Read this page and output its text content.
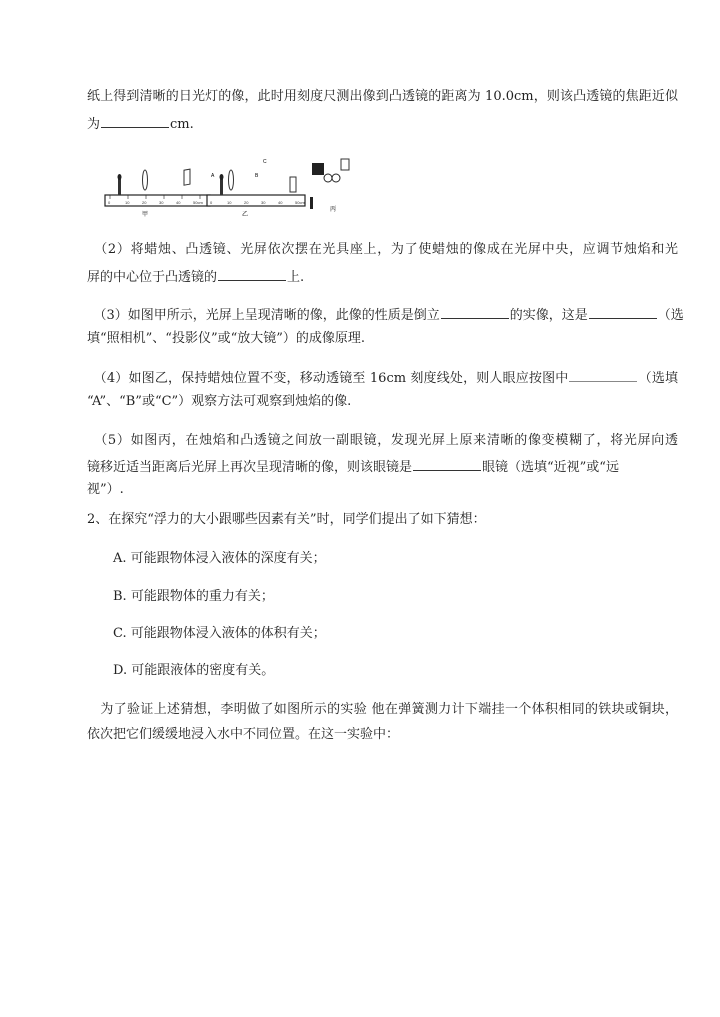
纸上得到清晰的日光灯的像，此时用刻度尺测出像到凸透镜的距离为 10.0cm，则该凸透镜的焦距近似
为	cm.
　（2）将蜡烛、凸透镜、光屏依次摆在光具座上，为了使蜡烛的像成在光屏中央，应调节烛焰和光
屏的中心位于凸透镜的	上.
　（3）如图甲所示，光屏上呈现清晰的像，此像的性质是倒立	的实像，这是	（选
填“照相机”、“投影仪”或“放大镜”）的成像原理.
　（4）如图乙，保持蜡烛位置不变，移动透镜至 16cm 刻度线处，则人眼应按图中	（选填
“A”、“B”或“C”）观察方法可观察到烛焰的像.
　（5）如图丙，在烛焰和凸透镜之间放一副眼镜，发现光屏上原来清晰的像变模糊了，将光屏向透
镜移近适当距离后光屏上再次呈现清晰的像，则该眼镜是	眼镜（选填“近视”或“远
视”）.
2、在探究“浮力的大小跟哪些因素有关”时，同学们提出了如下猜想：
　　A. 可能跟物体浸入液体的深度有关；
　　B. 可能跟物体的重力有关；
　　C. 可能跟物体浸入液体的体积有关；
　　D. 可能跟液体的密度有关。
　为了验证上述猜想，李明做了如图所示的实验 他在弹簧测力计下端挂一个体积相同的铁块或铜块，
依次把它们缓缓地浸入水中不同位置。在这一实验中：
甲
A	B
C
乙
丙
0	10	20	30	40	50cm 0	10	20	30	40	50cm
